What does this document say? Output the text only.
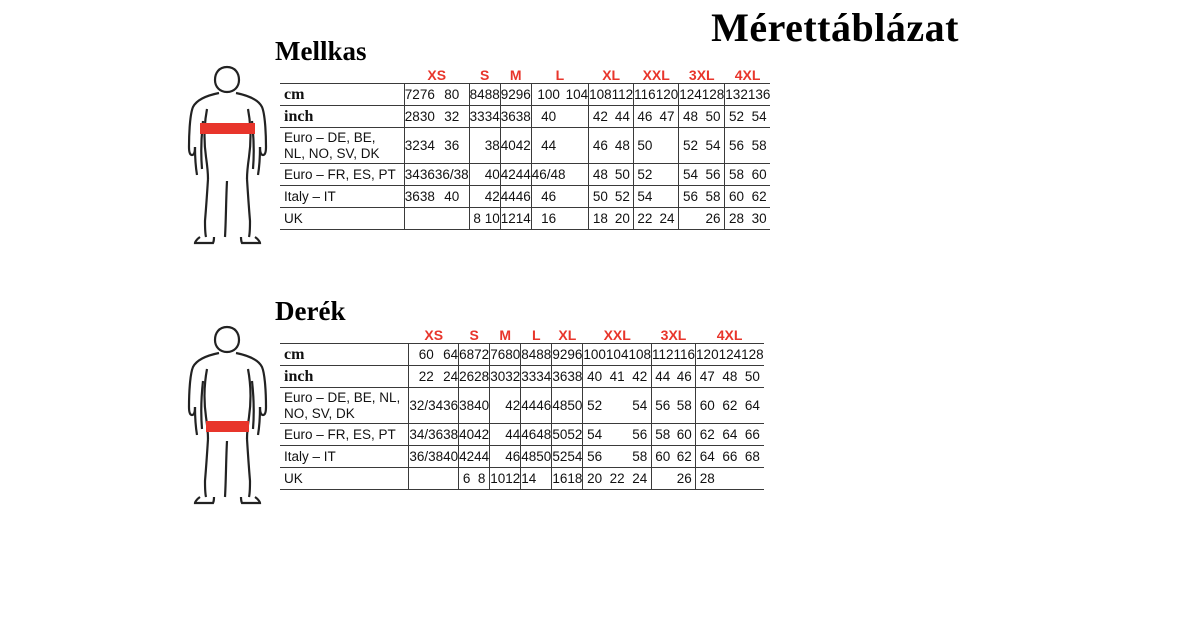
Mérettáblázat
Mellkas
	XS			S		M		L		XL		XXL		3XL		4XL	
cm	72	76	80	84	88	92	96	100	104	108	112	116	120	124	128	132	136
inch	28	30	32	33	34	36	38	40		42	44	46	47	48	50	52	54
Euro – DE, BE,
NL, NO, SV, DK	32	34	36		38	40	42	44		46	48	50		52	54	56	58
Euro – FR, ES, PT	34	36	36/38		40	42	44	46/48		48	50	52		54	56	58	60
Italy – IT	36	38	40		42	44	46	46		50	52	54		56	58	60	62
UK				8	10	12	14	16		18	20	22	24		26	28	30
Derék
	XS		S		M		L		XL		XXL			3XL		4XL		
cm	60	64	68	72	76	80	84	88	92	96	100	104	108	112	116	120	124	128
inch	22	24	26	28	30	32	33	34	36	38	40	41	42	44	46	47	48	50
Euro – DE, BE, NL,
NO, SV, DK	32/34	36	38	40		42	44	46	48	50	52		54	56	58	60	62	64
Euro – FR, ES, PT	34/36	38	40	42		44	46	48	50	52	54		56	58	60	62	64	66
Italy – IT	36/38	40	42	44		46	48	50	52	54	56		58	60	62	64	66	68
UK			6	8	10	12	14		16	18	20	22	24		26	28		
